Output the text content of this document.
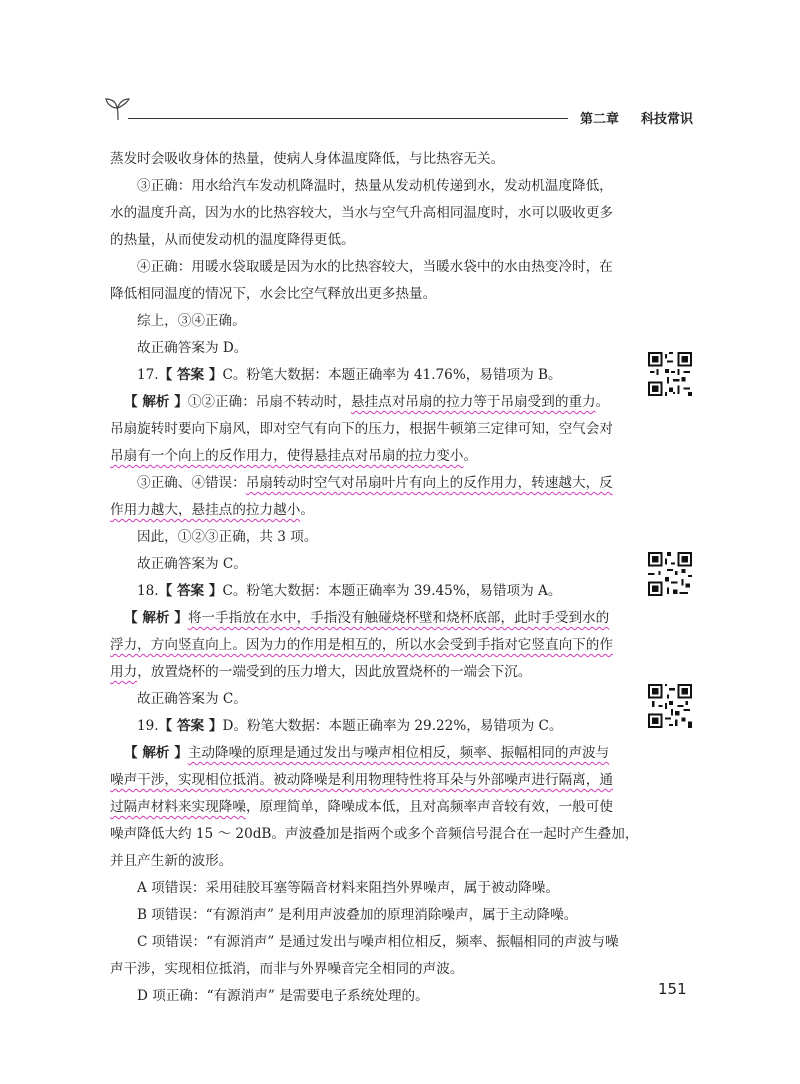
第二章 科技常识

蒸发时会吸收身体的热量，使病人身体温度降低，与比热容无关。

③正确：用水给汽车发动机降温时，热量从发动机传递到水，发动机温度降低，
水的温度升高，因为水的比热容较大，当水与空气升高相同温度时，水可以吸收更多
的热量，从而使发动机的温度降得更低。

④正确：用暖水袋取暖是因为水的比热容较大，当暖水袋中的水由热变冷时，在
降低相同温度的情况下，水会比空气释放出更多热量。

综上，③④正确。

故正确答案为 D。

17.【 答案 】C。粉笔大数据：本题正确率为 41.76%，易错项为 B。

【 解析 】①②正确：吊扇不转动时，悬挂点对吊扇的拉力等于吊扇受到的重力。
吊扇旋转时要向下扇风，即对空气有向下的压力，根据牛顿第三定律可知，空气会对
吊扇有一个向上的反作用力，使得悬挂点对吊扇的拉力变小。

③正确、④错误：吊扇转动时空气对吊扇叶片有向上的反作用力，转速越大，反
作用力越大，悬挂点的拉力越小。

因此，①②③正确，共 3 项。

故正确答案为 C。

18.【 答案 】C。粉笔大数据：本题正确率为 39.45%，易错项为 A。

【 解析 】将一手指放在水中，手指没有触碰烧杯壁和烧杯底部，此时手受到水的
浮力，方向竖直向上。因为力的作用是相互的，所以水会受到手指对它竖直向下的作
用力，放置烧杯的一端受到的压力增大，因此放置烧杯的一端会下沉。

故正确答案为 C。

19.【 答案 】D。粉笔大数据：本题正确率为 29.22%，易错项为 C。

【 解析 】主动降噪的原理是通过发出与噪声相位相反，频率、振幅相同的声波与
噪声干涉，实现相位抵消。被动降噪是利用物理特性将耳朵与外部噪声进行隔离，通
过隔声材料来实现降噪，原理简单，降噪成本低，且对高频率声音较有效，一般可使
噪声降低大约 15 ～ 20dB。声波叠加是指两个或多个音频信号混合在一起时产生叠加，
并且产生新的波形。

A 项错误：采用硅胶耳塞等隔音材料来阻挡外界噪声，属于被动降噪。

B 项错误：“有源消声” 是利用声波叠加的原理消除噪声，属于主动降噪。

C 项错误：“有源消声” 是通过发出与噪声相位相反，频率、振幅相同的声波与噪
声干涉，实现相位抵消，而非与外界噪音完全相同的声波。

D 项正确：“有源消声” 是需要电子系统处理的。	151
